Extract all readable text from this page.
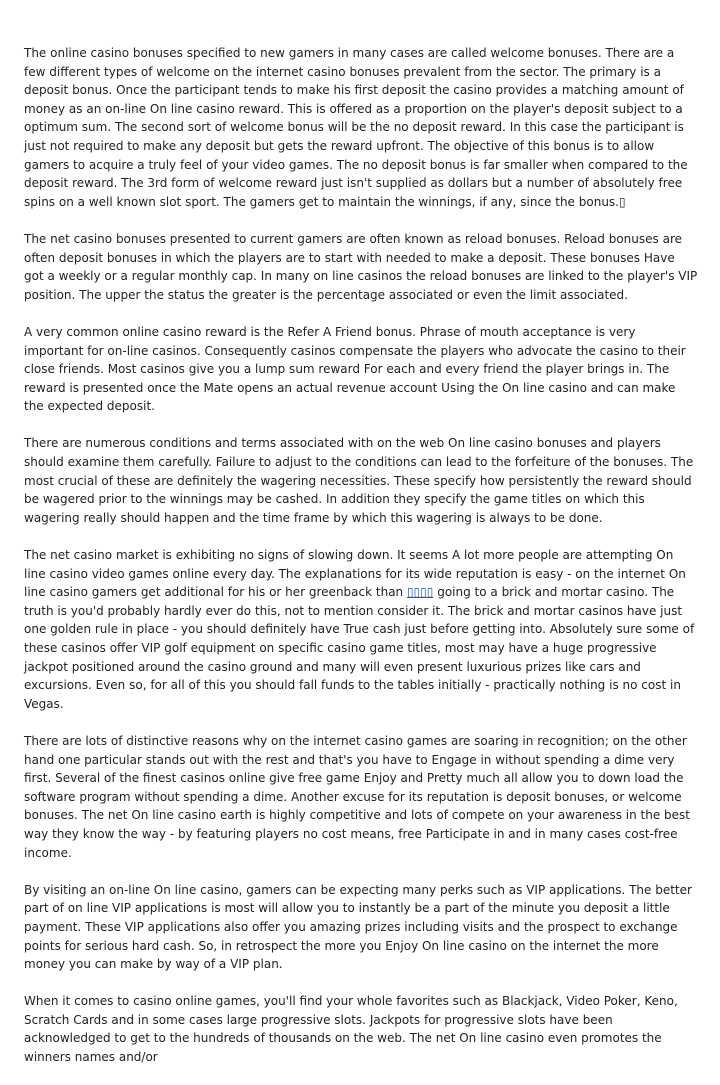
The online casino bonuses specified to new gamers in many cases are called welcome bonuses. There are a few different types of welcome on the internet casino bonuses prevalent from the sector. The primary is a deposit bonus. Once the participant tends to make his first deposit the casino provides a matching amount of money as an on-line On line casino reward. This is offered as a proportion on the player's deposit subject to a optimum sum. The second sort of welcome bonus will be the no deposit reward. In this case the participant is just not required to make any deposit but gets the reward upfront. The objective of this bonus is to allow gamers to acquire a truly feel of your video games. The no deposit bonus is far smaller when compared to the deposit reward. The 3rd form of welcome reward just isn't supplied as dollars but a number of absolutely free spins on a well known slot sport. The gamers get to maintain the winnings, if any, since the bonus.▯

The net casino bonuses presented to current gamers are often known as reload bonuses. Reload bonuses are often deposit bonuses in which the players are to start with needed to make a deposit. These bonuses Have got a weekly or a regular monthly cap. In many on line casinos the reload bonuses are linked to the player's VIP position. The upper the status the greater is the percentage associated or even the limit associated.

A very common online casino reward is the Refer A Friend bonus. Phrase of mouth acceptance is very important for on-line casinos. Consequently casinos compensate the players who advocate the casino to their close friends. Most casinos give you a lump sum reward For each and every friend the player brings in. The reward is presented once the Mate opens an actual revenue account Using the On line casino and can make the expected deposit.

There are numerous conditions and terms associated with on the web On line casino bonuses and players should examine them carefully. Failure to adjust to the conditions can lead to the forfeiture of the bonuses. The most crucial of these are definitely the wagering necessities. These specify how persistently the reward should be wagered prior to the winnings may be cashed. In addition they specify the game titles on which this wagering really should happen and the time frame by which this wagering is always to be done.

The net casino market is exhibiting no signs of slowing down. It seems A lot more people are attempting On line casino video games online every day. The explanations for its wide reputation is easy - on the internet On line casino gamers get additional for his or her greenback than ▯▯▯▯ going to a brick and mortar casino. The truth is you'd probably hardly ever do this, not to mention consider it. The brick and mortar casinos have just one golden rule in place - you should definitely have True cash just before getting into. Absolutely sure some of these casinos offer VIP golf equipment on specific casino game titles, most may have a huge progressive jackpot positioned around the casino ground and many will even present luxurious prizes like cars and excursions. Even so, for all of this you should fall funds to the tables initially - practically nothing is no cost in Vegas.

There are lots of distinctive reasons why on the internet casino games are soaring in recognition; on the other hand one particular stands out with the rest and that's you have to Engage in without spending a dime very first. Several of the finest casinos online give free game Enjoy and Pretty much all allow you to down load the software program without spending a dime. Another excuse for its reputation is deposit bonuses, or welcome bonuses. The net On line casino earth is highly competitive and lots of compete on your awareness in the best way they know the way - by featuring players no cost means, free Participate in and in many cases cost-free income.

By visiting an on-line On line casino, gamers can be expecting many perks such as VIP applications. The better part of on line VIP applications is most will allow you to instantly be a part of the minute you deposit a little payment. These VIP applications also offer you amazing prizes including visits and the prospect to exchange points for serious hard cash. So, in retrospect the more you Enjoy On line casino on the internet the more money you can make by way of a VIP plan.

When it comes to casino online games, you'll find your whole favorites such as Blackjack, Video Poker, Keno, Scratch Cards and in some cases large progressive slots. Jackpots for progressive slots have been acknowledged to get to the hundreds of thousands on the web. The net On line casino even promotes the winners names and/or
